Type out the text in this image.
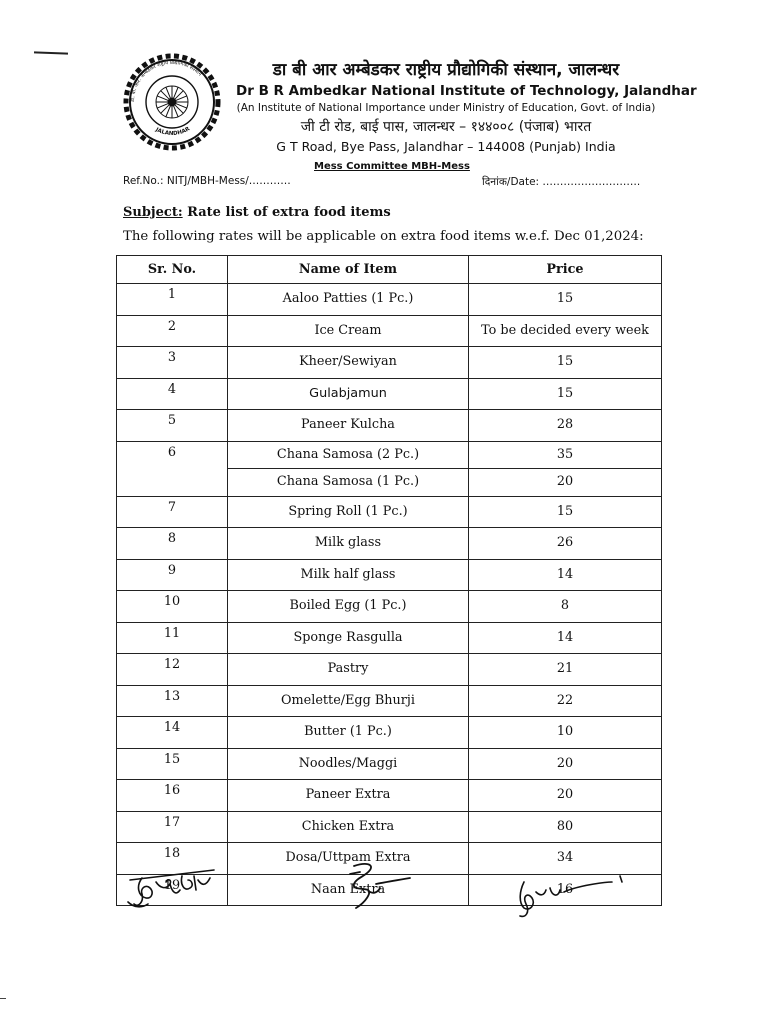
डॉ. बी. आर. अम्बेडकर राष्ट्रीय प्रौद्योगिकी संस्थान
JALANDHAR
डा बी आर अम्बेडकर राष्ट्रीय प्रौद्योगिकी संस्थान, जालन्धर
Dr B R Ambedkar National Institute of Technology, Jalandhar
(An Institute of National Importance under Ministry of Education, Govt. of India)
जी टी रोड, बाई पास, जालन्धर – १४४००८ (पंजाब) भारत
G T Road, Bye Pass, Jalandhar – 144008 (Punjab) India
Mess Committee MBH-Mess
Ref.No.: NITJ/MBH-Mess/…………	दिनांक/Date: ……………………….
Subject: Rate list of extra food items
The following rates will be applicable on extra food items w.e.f. Dec 01,2024:
Sr. No.	Name of Item	Price
1	Aaloo Patties (1 Pc.)	15
2	Ice Cream	To be decided every week
3	Kheer/Sewiyan	15
4	Gulabjamun	15
5	Paneer Kulcha	28
6	Chana Samosa (2 Pc.)	35
	Chana Samosa (1 Pc.)	20
7	Spring Roll (1 Pc.)	15
8	Milk glass	26
9	Milk half glass	14
10	Boiled Egg (1 Pc.)	8
11	Sponge Rasgulla	14
12	Pastry	21
13	Omelette/Egg Bhurji	22
14	Butter (1 Pc.)	10
15	Noodles/Maggi	20
16	Paneer Extra	20
17	Chicken Extra	80
18	Dosa/Uttpam Extra	34
19	Naan Extra	16
